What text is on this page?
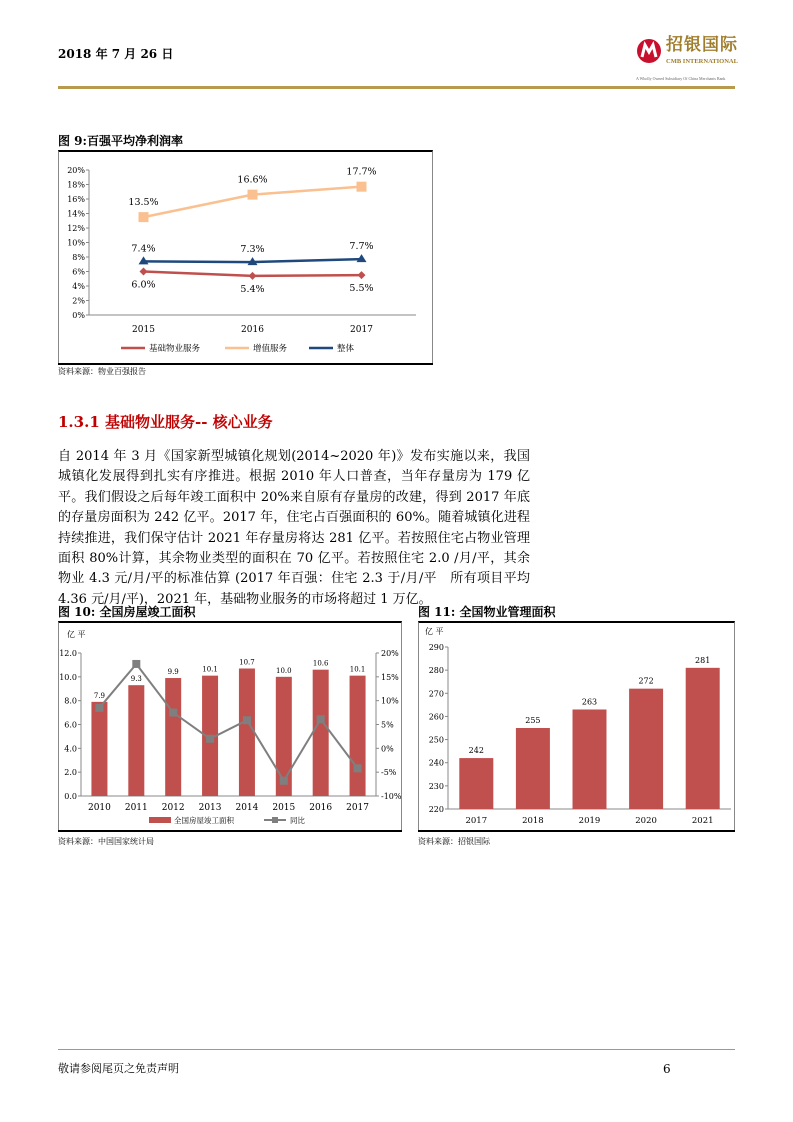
2018 年 7 月 26 日	招银国际
CMB INTERNATIONAL
A Wholly Owned Subsidiary Of China Merchants Bank
图 9:百强平均净利润率
0%
2%
4%
6%
8%
10%
12%
14%
16%
18%
20%
2015	2016	2017
6.0%	5.4%	5.5%
13.5%
16.6%
17.7%
7.4%	7.3%	7.7%
基础物业服务	增值服务	整体
资料来源：物业百强报告
1.3.1 基础物业服务-- 核心业务
自 2014 年 3 月《国家新型城镇化规划(2014~2020 年)》发布实施以来，我国城镇化发展得到扎实有序推进。根据 2010 年人口普查，当年存量房为 179 亿平。我们假设之后每年竣工面积中 20%来自原有存量房的改建，得到 2017 年底的存量房面积为 242 亿平。2017 年，住宅占百强面积的 60%。随着城镇化进程持续推进，我们保守估计 2021 年存量房将达 281 亿平。若按照住宅占物业管理面积 80%计算，其余物业类型的面积在 70 亿平。若按照住宅 2.0 /月/平，其余物业 4.3 元/月/平的标准估算 (2017 年百强：住宅 2.3 于/月/平　所有项目平均 4.36 元/月/平)，2021 年，基础物业服务的市场将超过 1 万亿。
图 10: 全国房屋竣工面积
亿 平
0.0
2.0
4.0
6.0
8.0
10.0
12.0
-10%
-5%
0%
5%
10%
15%
20%
2010 2011 2012 2013 2014 2015 2016 2017
7.9
9.3
9.9	10.1
10.7
10.0
10.6
10.1
全国房屋竣工面积	同比
资料来源：中国国家统计局
图 11: 全国物业管理面积
亿 平
220
230
240
250
260
270
280
290
2017	2018	2019	2020	2021
242
255
263
272
281
资料来源：招银国际
敬请参阅尾页之免责声明	6
